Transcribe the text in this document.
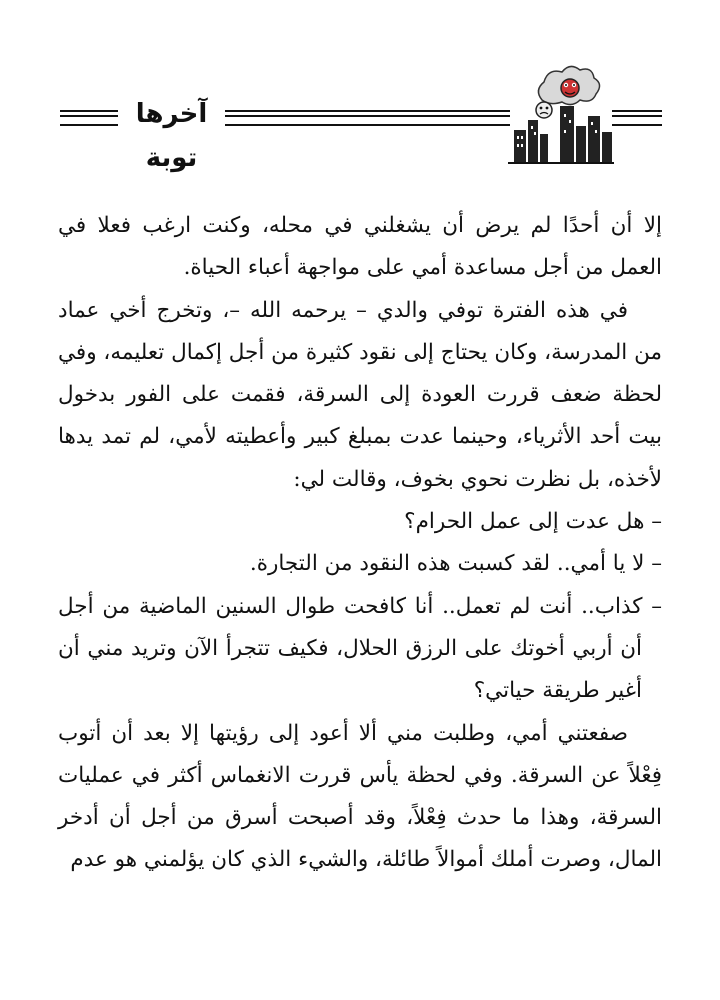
آخرها توبة

إلا أن أحدًا لم يرض أن يشغلني في محله، وكنت ارغب فعلا في العمل من أجل مساعدة أمي على مواجهة أعباء الحياة.

في هذه الفترة توفي والدي – يرحمه الله –، وتخرج أخي عماد من المدرسة، وكان يحتاج إلى نقود كثيرة من أجل إكمال تعليمه، وفي لحظة ضعف قررت العودة إلى السرقة، فقمت على الفور بدخول بيت أحد الأثرياء، وحينما عدت بمبلغ كبير وأعطيته لأمي، لم تمد يدها لأخذه، بل نظرت نحوي بخوف، وقالت لي:

– هل عدت إلى عمل الحرام؟

– لا يا أمي.. لقد كسبت هذه النقود من التجارة.

– كذاب.. أنت لم تعمل.. أنا كافحت طوال السنين الماضية من أجل أن أربي أخوتك على الرزق الحلال، فكيف تتجرأ الآن وتريد مني أن أغير طريقة حياتي؟

صفعتني أمي، وطلبت مني ألا أعود إلى رؤيتها إلا بعد أن أتوب فِعْلاً عن السرقة. وفي لحظة يأس قررت الانغماس أكثر في عمليات السرقة، وهذا ما حدث فِعْلاً، وقد أصبحت أسرق من أجل أن أدخر المال، وصرت أملك أموالاً طائلة، والشيء الذي كان يؤلمني هو عدم
